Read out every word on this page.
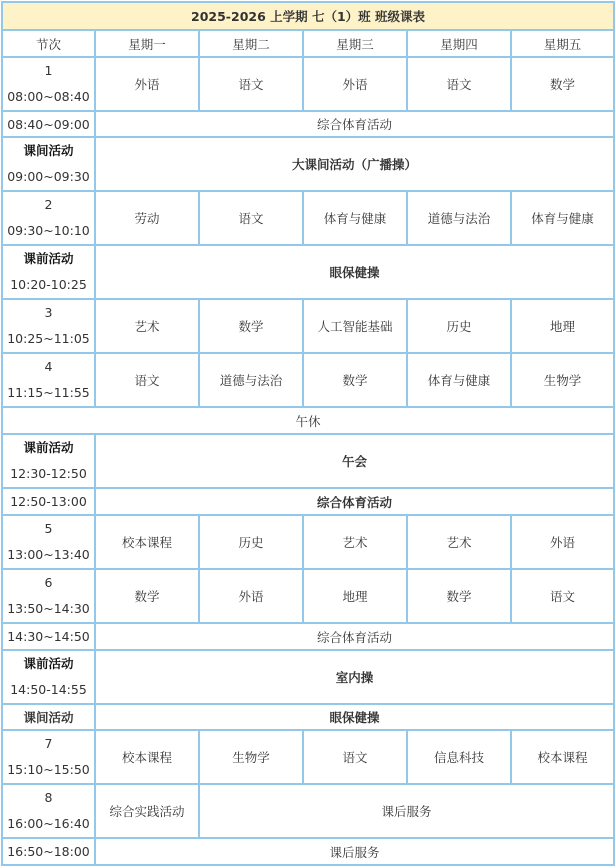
2025-2026 上学期 七（1）班 班级课表					
节次	星期一	星期二	星期三	星期四	星期五

1
08:00~08:40	外语	语文	外语	语文	数学
08:40~09:00	综合体育活动				

课间活动
09:00~09:30	大课间活动（广播操）				

2
09:30~10:10	劳动	语文	体育与健康	道德与法治	体育与健康

课前活动
10:20-10:25	眼保健操				

3
10:25~11:05	艺术	数学	人工智能基础	历史	地理

4
11:15~11:55	语文	道德与法治	数学	体育与健康	生物学
午休					

课前活动
12:30-12:50	午会				
12:50-13:00	综合体育活动				

5
13:00~13:40	校本课程	历史	艺术	艺术	外语

6
13:50~14:30	数学	外语	地理	数学	语文
14:30~14:50	综合体育活动				

课前活动
14:50-14:55	室内操				
课间活动	眼保健操				

7
15:10~15:50	校本课程	生物学	语文	信息科技	校本课程

8
16:00~16:40	综合实践活动	课后服务			
16:50~18:00	课后服务				
